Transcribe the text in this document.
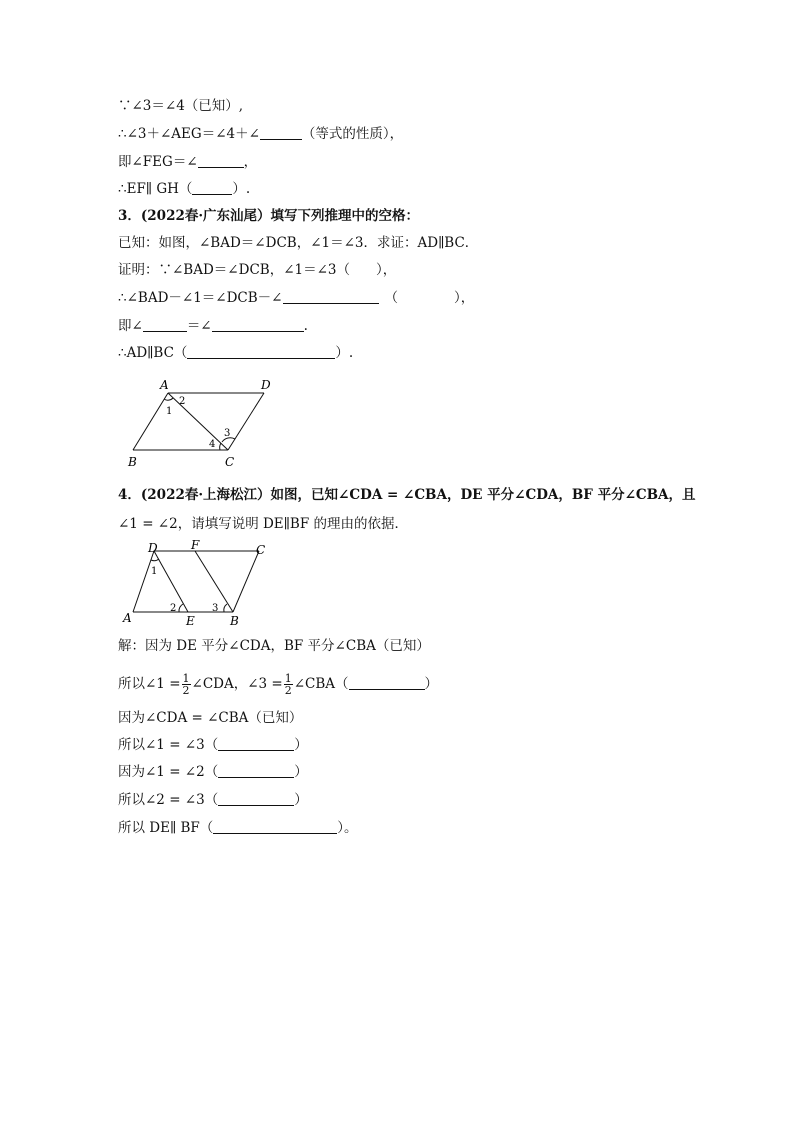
∵∠3＝∠4（已知）,
∴∠3＋∠AEG＝∠4＋∠	（等式的性质），
即∠FEG＝∠	，
∴EF∥ GH（	）.
3．(2022春·广东汕尾）填写下列推理中的空格：
已知：如图，∠BAD＝∠DCB，∠1＝∠3．求证：AD∥BC．
证明：∵∠BAD＝∠DCB，∠1＝∠3（ ），
∴∠BAD－∠1＝∠DCB－∠	（	），
即∠	＝∠	.
∴AD∥BC（	）.
A	D
B	C
1
2
3
4
4．(2022春·上海松江）如图，已知∠CDA = ∠CBA，DE 平分∠CDA，BF 平分∠CBA，且
∠1 = ∠2，请填写说明 DE∥BF 的理由的依据．
D	F	C
A	E	B
1
2	3
解：因为 DE 平分∠CDA，BF 平分∠CBA（已知）
所以∠1 = $\frac{1}{2}$ ∠CDA，∠3 = $\frac{1}{2}$ ∠CBA（	）
因为∠CDA = ∠CBA（已知）
所以∠1 = ∠3（	）
因为∠1 = ∠2（	）
所以∠2 = ∠3（	）
所以 DE∥ BF（	）。
